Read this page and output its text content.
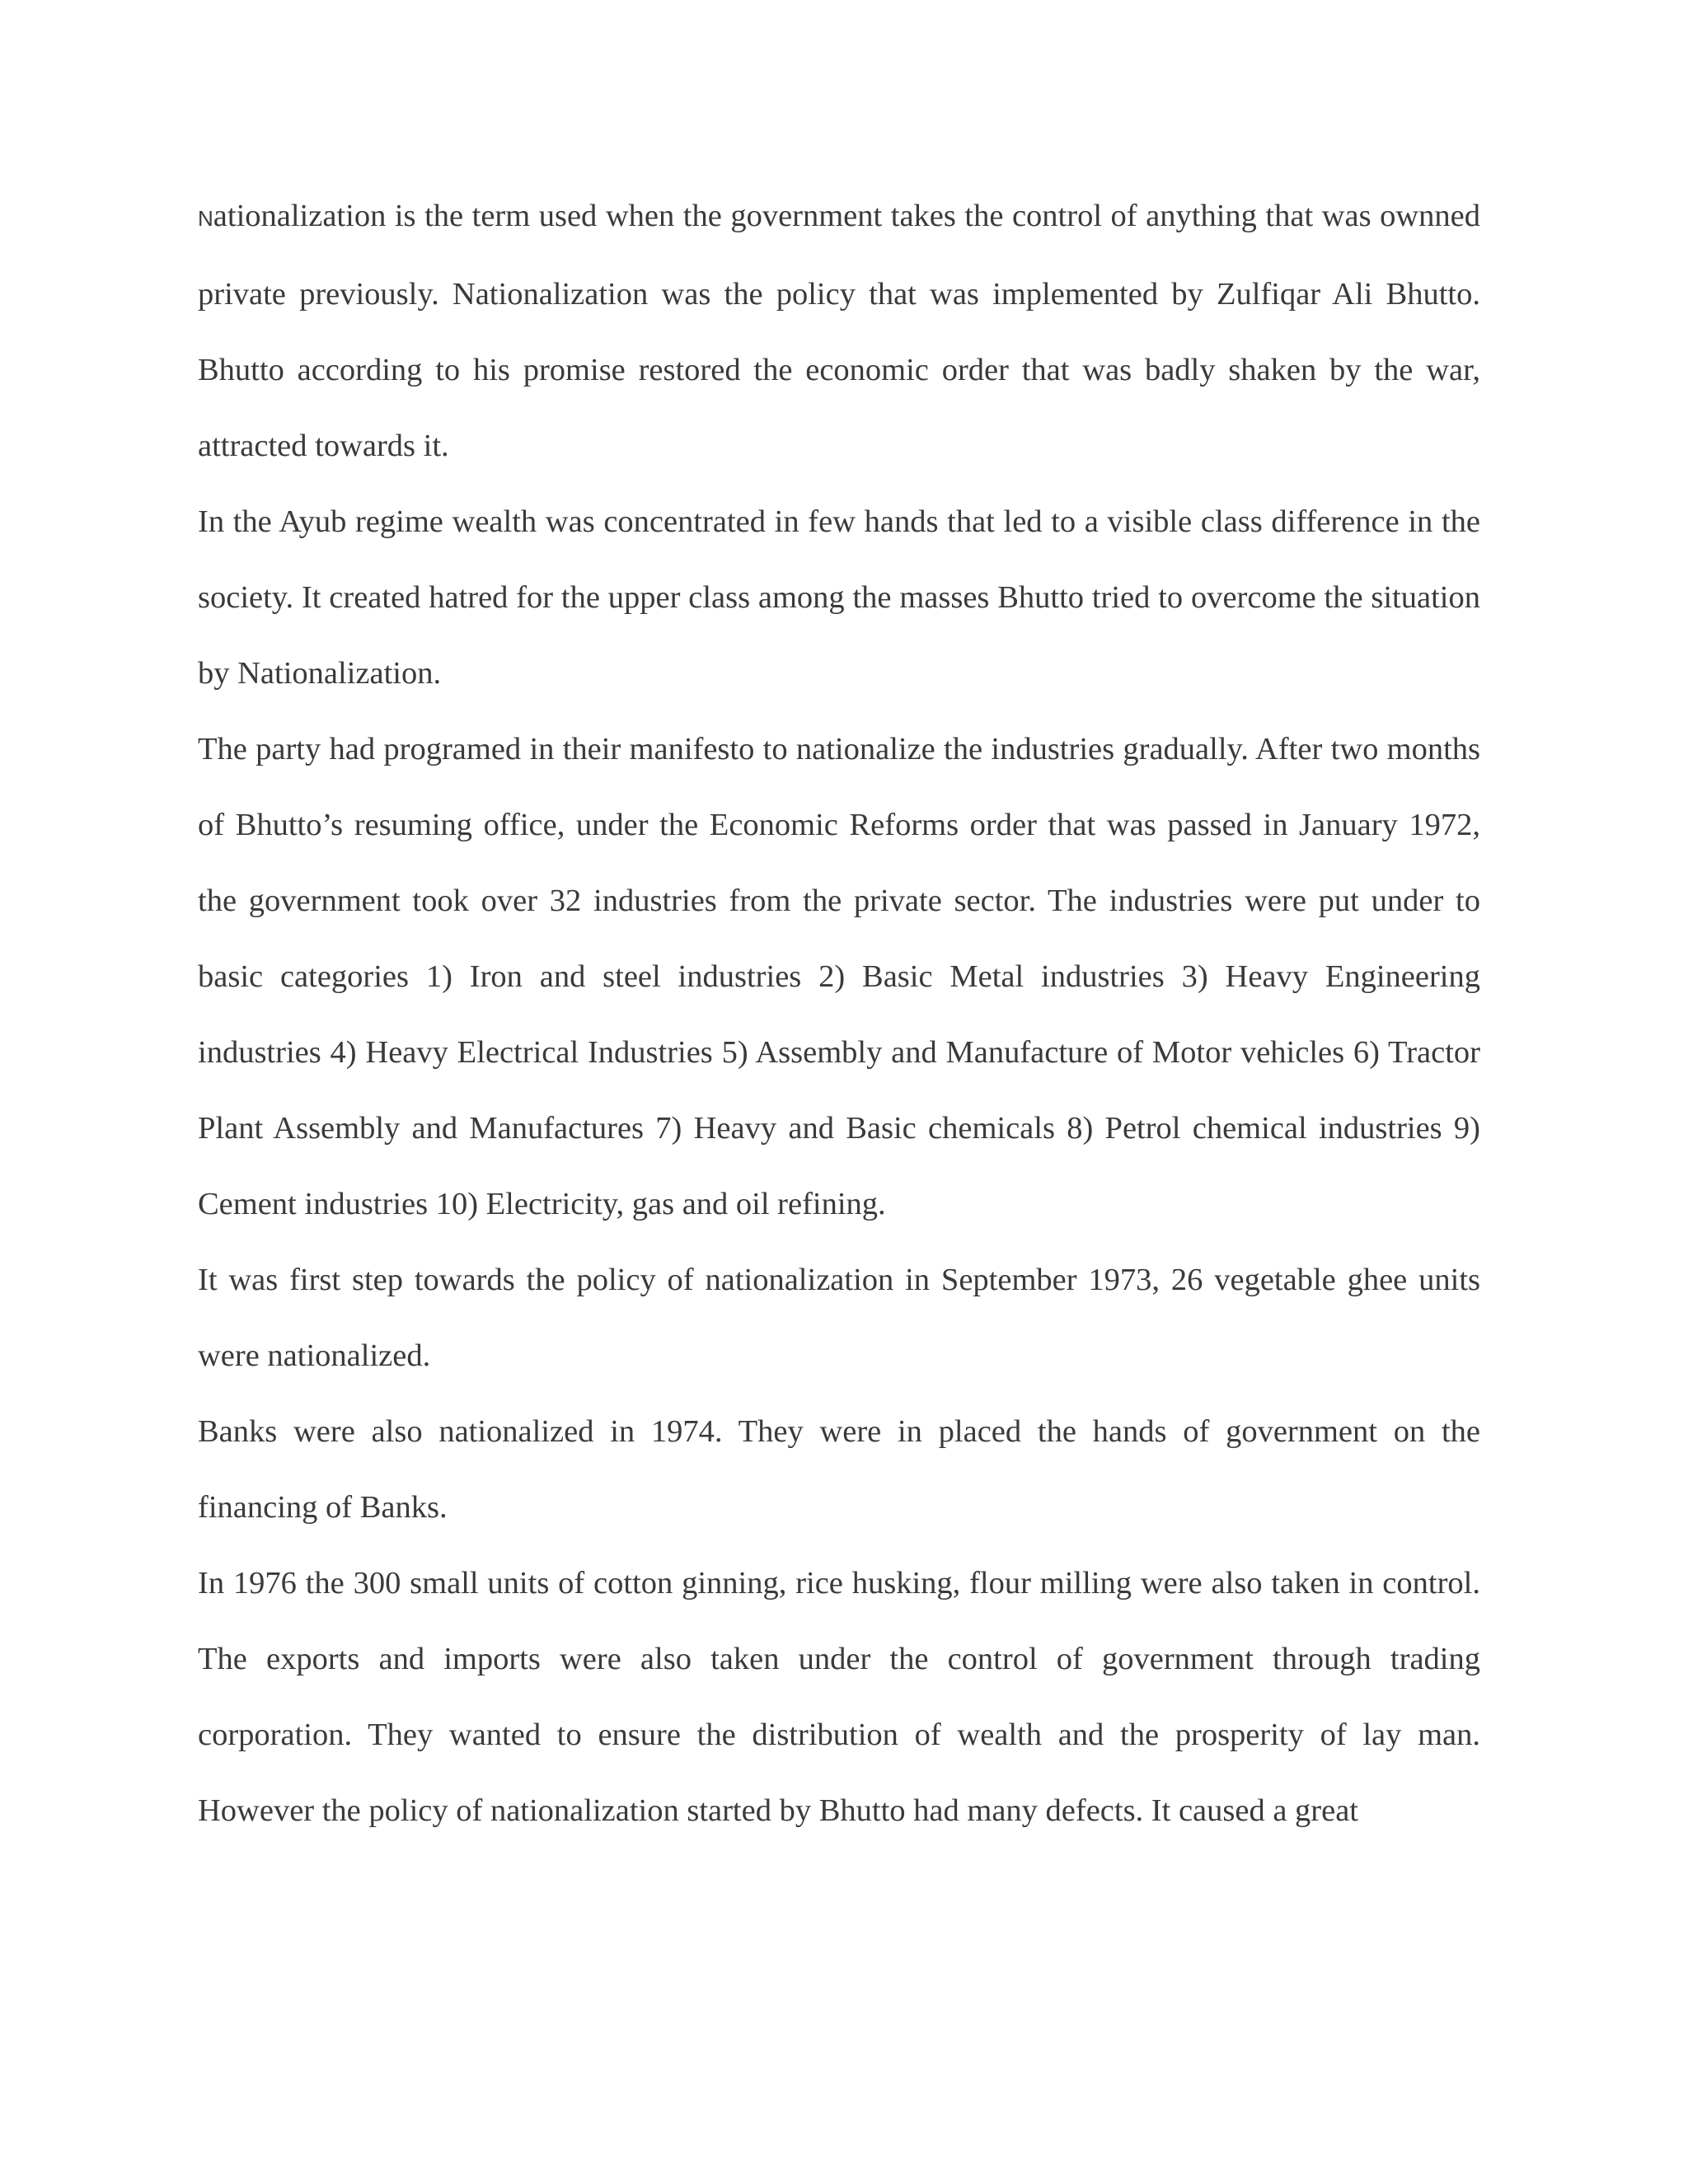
Nationalization is the term used when the government takes the control of anything that was ownned private previously. Nationalization was the policy that was implemented by Zulfiqar Ali Bhutto. Bhutto according to his promise restored the economic order that was badly shaken by the war, attracted towards it.

In the Ayub regime wealth was concentrated in few hands that led to a visible class difference in the society. It created hatred for the upper class among the masses Bhutto tried to overcome the situation by Nationalization.

The party had programed in their manifesto to nationalize the industries gradually. After two months of Bhutto’s resuming office, under the Economic Reforms order that was passed in January 1972, the government took over 32 industries from the private sector. The industries were put under to basic categories 1) Iron and steel industries 2) Basic Metal industries 3) Heavy Engineering industries 4) Heavy Electrical Industries 5) Assembly and Manufacture of Motor vehicles 6) Tractor Plant Assembly and Manufactures 7) Heavy and Basic chemicals 8) Petrol chemical industries 9) Cement industries 10) Electricity, gas and oil refining.

It was first step towards the policy of nationalization in September 1973, 26 vegetable ghee units were nationalized.

Banks were also nationalized in 1974. They were in placed the hands of government on the financing of Banks.

In 1976 the 300 small units of cotton ginning, rice husking, flour milling were also taken in control. The exports and imports were also taken under the control of government through trading corporation. They wanted to ensure the distribution of wealth and the prosperity of lay man. However the policy of nationalization started by Bhutto had many defects. It caused a great
